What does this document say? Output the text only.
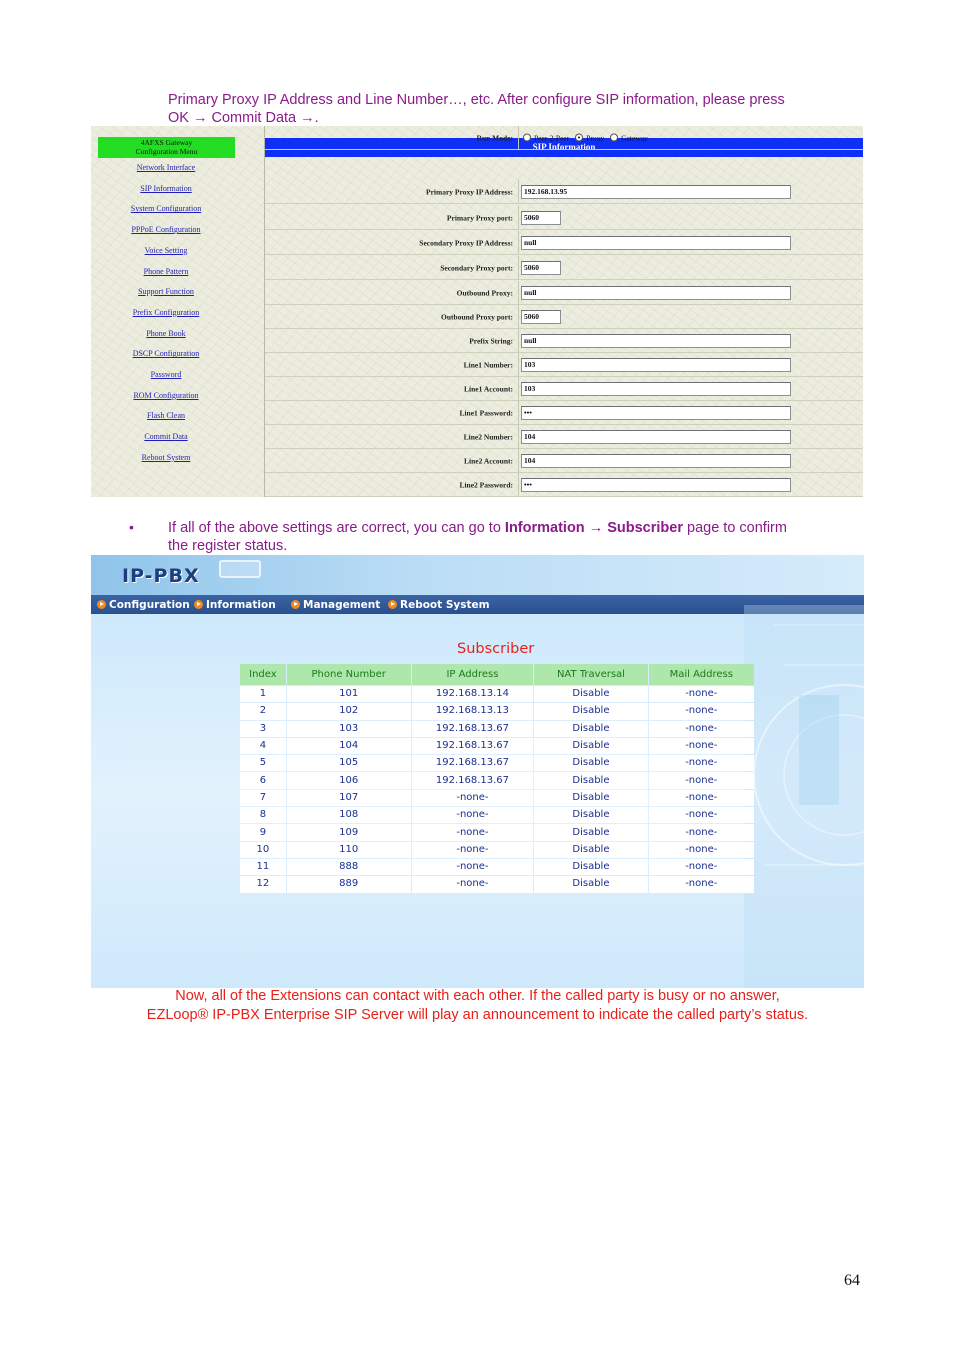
Primary Proxy IP Address and Line Number…, etc. After configure SIP information, please press
OK → Commit Data →.
4AFXS Gateway
Configuration Menu
Network Interface
SIP Information
System Configuration
PPPoE Configuration
Voice Setting
Phone Pattern
Support Function
Prefix Configuration
Phone Book
DSCP Configuration
Password
ROM Configuration
Flash Clean
Commit Data
Reboot System
SIP Information
Run Mode:	Peer-2-Peer Proxy Gateway
Primary Proxy IP Address:	192.168.13.95
Primary Proxy port:	5060
Secondary Proxy IP Address:	null
Secondary Proxy port:	5060
Outbound Proxy:	null
Outbound Proxy port:	5060
Prefix String:	null
Line1 Number:	103
Line1 Account:	103
Line1 Password:	•••
Line2 Number:	104
Line2 Account:	104
Line2 Password:	•••
• If all of the above settings are correct, you can go to Information → Subscriber page to confirm
the register status.
IP-PBX
Configuration Information	Management Reboot System
Subscriber
Index	Phone Number	IP Address	NAT Traversal	Mail Address
1	101	192.168.13.14	Disable	-none-
2	102	192.168.13.13	Disable	-none-
3	103	192.168.13.67	Disable	-none-
4	104	192.168.13.67	Disable	-none-
5	105	192.168.13.67	Disable	-none-
6	106	192.168.13.67	Disable	-none-
7	107	-none-	Disable	-none-
8	108	-none-	Disable	-none-
9	109	-none-	Disable	-none-
10	110	-none-	Disable	-none-
11	888	-none-	Disable	-none-
12	889	-none-	Disable	-none-
Now, all of the Extensions can contact with each other. If the called party is busy or no answer,
EZLoop® IP-PBX Enterprise SIP Server will play an announcement to indicate the called party’s status.
64
